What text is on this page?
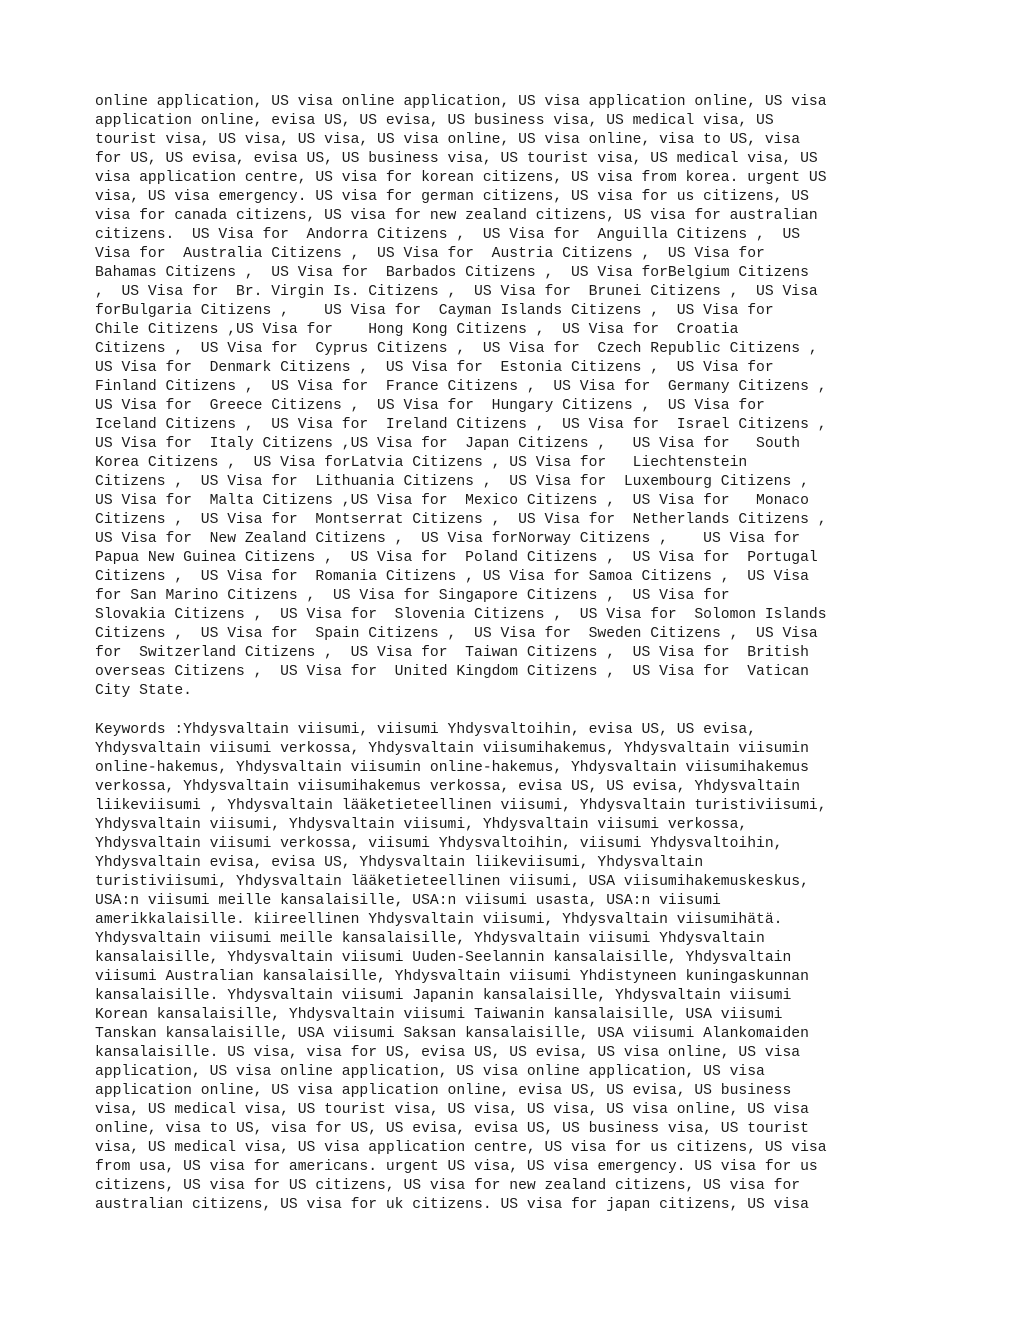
online application, US visa online application, US visa application online, US visa
application online, evisa US, US evisa, US business visa, US medical visa, US
tourist visa, US visa, US visa, US visa online, US visa online, visa to US, visa
for US, US evisa, evisa US, US business visa, US tourist visa, US medical visa, US
visa application centre, US visa for korean citizens, US visa from korea. urgent US
visa, US visa emergency. US visa for german citizens, US visa for us citizens, US
visa for canada citizens, US visa for new zealand citizens, US visa for australian
citizens.  US Visa for  Andorra Citizens ,  US Visa for  Anguilla Citizens ,  US
Visa for  Australia Citizens ,  US Visa for  Austria Citizens ,  US Visa for
Bahamas Citizens ,  US Visa for  Barbados Citizens ,  US Visa forBelgium Citizens
,  US Visa for  Br. Virgin Is. Citizens ,  US Visa for  Brunei Citizens ,  US Visa
forBulgaria Citizens ,    US Visa for  Cayman Islands Citizens ,  US Visa for
Chile Citizens ,US Visa for    Hong Kong Citizens ,  US Visa for  Croatia
Citizens ,  US Visa for  Cyprus Citizens ,  US Visa for  Czech Republic Citizens ,
US Visa for  Denmark Citizens ,  US Visa for  Estonia Citizens ,  US Visa for
Finland Citizens ,  US Visa for  France Citizens ,  US Visa for  Germany Citizens ,
US Visa for  Greece Citizens ,  US Visa for  Hungary Citizens ,  US Visa for
Iceland Citizens ,  US Visa for  Ireland Citizens ,  US Visa for  Israel Citizens ,
US Visa for  Italy Citizens ,US Visa for  Japan Citizens ,   US Visa for   South
Korea Citizens ,  US Visa forLatvia Citizens , US Visa for   Liechtenstein
Citizens ,  US Visa for  Lithuania Citizens ,  US Visa for  Luxembourg Citizens ,
US Visa for  Malta Citizens ,US Visa for  Mexico Citizens ,  US Visa for   Monaco
Citizens ,  US Visa for  Montserrat Citizens ,  US Visa for  Netherlands Citizens ,
US Visa for  New Zealand Citizens ,  US Visa forNorway Citizens ,    US Visa for
Papua New Guinea Citizens ,  US Visa for  Poland Citizens ,  US Visa for  Portugal
Citizens ,  US Visa for  Romania Citizens , US Visa for Samoa Citizens ,  US Visa
for San Marino Citizens ,  US Visa for Singapore Citizens ,  US Visa for
Slovakia Citizens ,  US Visa for  Slovenia Citizens ,  US Visa for  Solomon Islands
Citizens ,  US Visa for  Spain Citizens ,  US Visa for  Sweden Citizens ,  US Visa
for  Switzerland Citizens ,  US Visa for  Taiwan Citizens ,  US Visa for  British
overseas Citizens ,  US Visa for  United Kingdom Citizens ,  US Visa for  Vatican
City State.

Keywords :Yhdysvaltain viisumi, viisumi Yhdysvaltoihin, evisa US, US evisa,
Yhdysvaltain viisumi verkossa, Yhdysvaltain viisumihakemus, Yhdysvaltain viisumin
online-hakemus, Yhdysvaltain viisumin online-hakemus, Yhdysvaltain viisumihakemus
verkossa, Yhdysvaltain viisumihakemus verkossa, evisa US, US evisa, Yhdysvaltain
liikeviisumi , Yhdysvaltain lääketieteellinen viisumi, Yhdysvaltain turistiviisumi,
Yhdysvaltain viisumi, Yhdysvaltain viisumi, Yhdysvaltain viisumi verkossa,
Yhdysvaltain viisumi verkossa, viisumi Yhdysvaltoihin, viisumi Yhdysvaltoihin,
Yhdysvaltain evisa, evisa US, Yhdysvaltain liikeviisumi, Yhdysvaltain
turistiviisumi, Yhdysvaltain lääketieteellinen viisumi, USA viisumihakemuskeskus,
USA:n viisumi meille kansalaisille, USA:n viisumi usasta, USA:n viisumi
amerikkalaisille. kiireellinen Yhdysvaltain viisumi, Yhdysvaltain viisumihätä.
Yhdysvaltain viisumi meille kansalaisille, Yhdysvaltain viisumi Yhdysvaltain
kansalaisille, Yhdysvaltain viisumi Uuden-Seelannin kansalaisille, Yhdysvaltain
viisumi Australian kansalaisille, Yhdysvaltain viisumi Yhdistyneen kuningaskunnan
kansalaisille. Yhdysvaltain viisumi Japanin kansalaisille, Yhdysvaltain viisumi
Korean kansalaisille, Yhdysvaltain viisumi Taiwanin kansalaisille, USA viisumi
Tanskan kansalaisille, USA viisumi Saksan kansalaisille, USA viisumi Alankomaiden
kansalaisille. US visa, visa for US, evisa US, US evisa, US visa online, US visa
application, US visa online application, US visa online application, US visa
application online, US visa application online, evisa US, US evisa, US business
visa, US medical visa, US tourist visa, US visa, US visa, US visa online, US visa
online, visa to US, visa for US, US evisa, evisa US, US business visa, US tourist
visa, US medical visa, US visa application centre, US visa for us citizens, US visa
from usa, US visa for americans. urgent US visa, US visa emergency. US visa for us
citizens, US visa for US citizens, US visa for new zealand citizens, US visa for
australian citizens, US visa for uk citizens. US visa for japan citizens, US visa
